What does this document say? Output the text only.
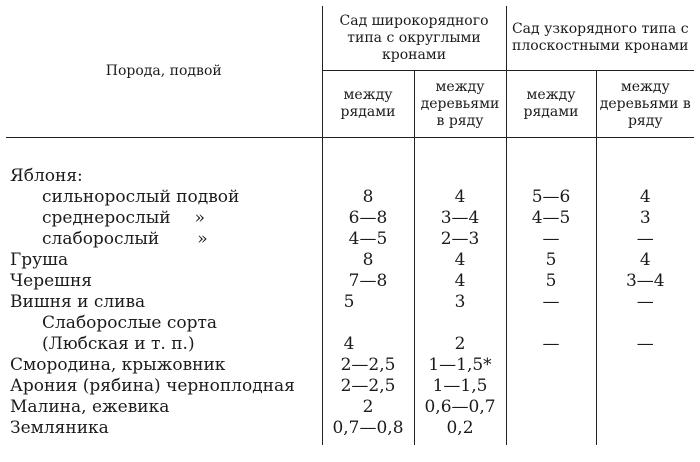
Порода, подвой	Сад широкорядного типа с округлыми кронами		Сад узкорядного типа с плоскостными кронами	
	между рядами	между деревьями в ряду	между рядами	между деревьями в ряду
Яблоня:				
сильнорослый подвой	8	4	5—6	4
среднерослый »	6—8	3—4	4—5	3
слаборослый »	4—5	2—3	—	—
Груша	8	4	5	4
Черешня	7—8	4	5	3—4
Вишня и слива	5	3	—	—
Слаборослые сорта				
(Любская и т. п.)	4	2	—	—
Смородина, крыжовник	2—2,5	1—1,5*		
Арония (рябина) черноплодная	2—2,5	1—1,5		
Малина, ежевика	2	0,6—0,7		
Земляника	0,7—0,8	0,2		
